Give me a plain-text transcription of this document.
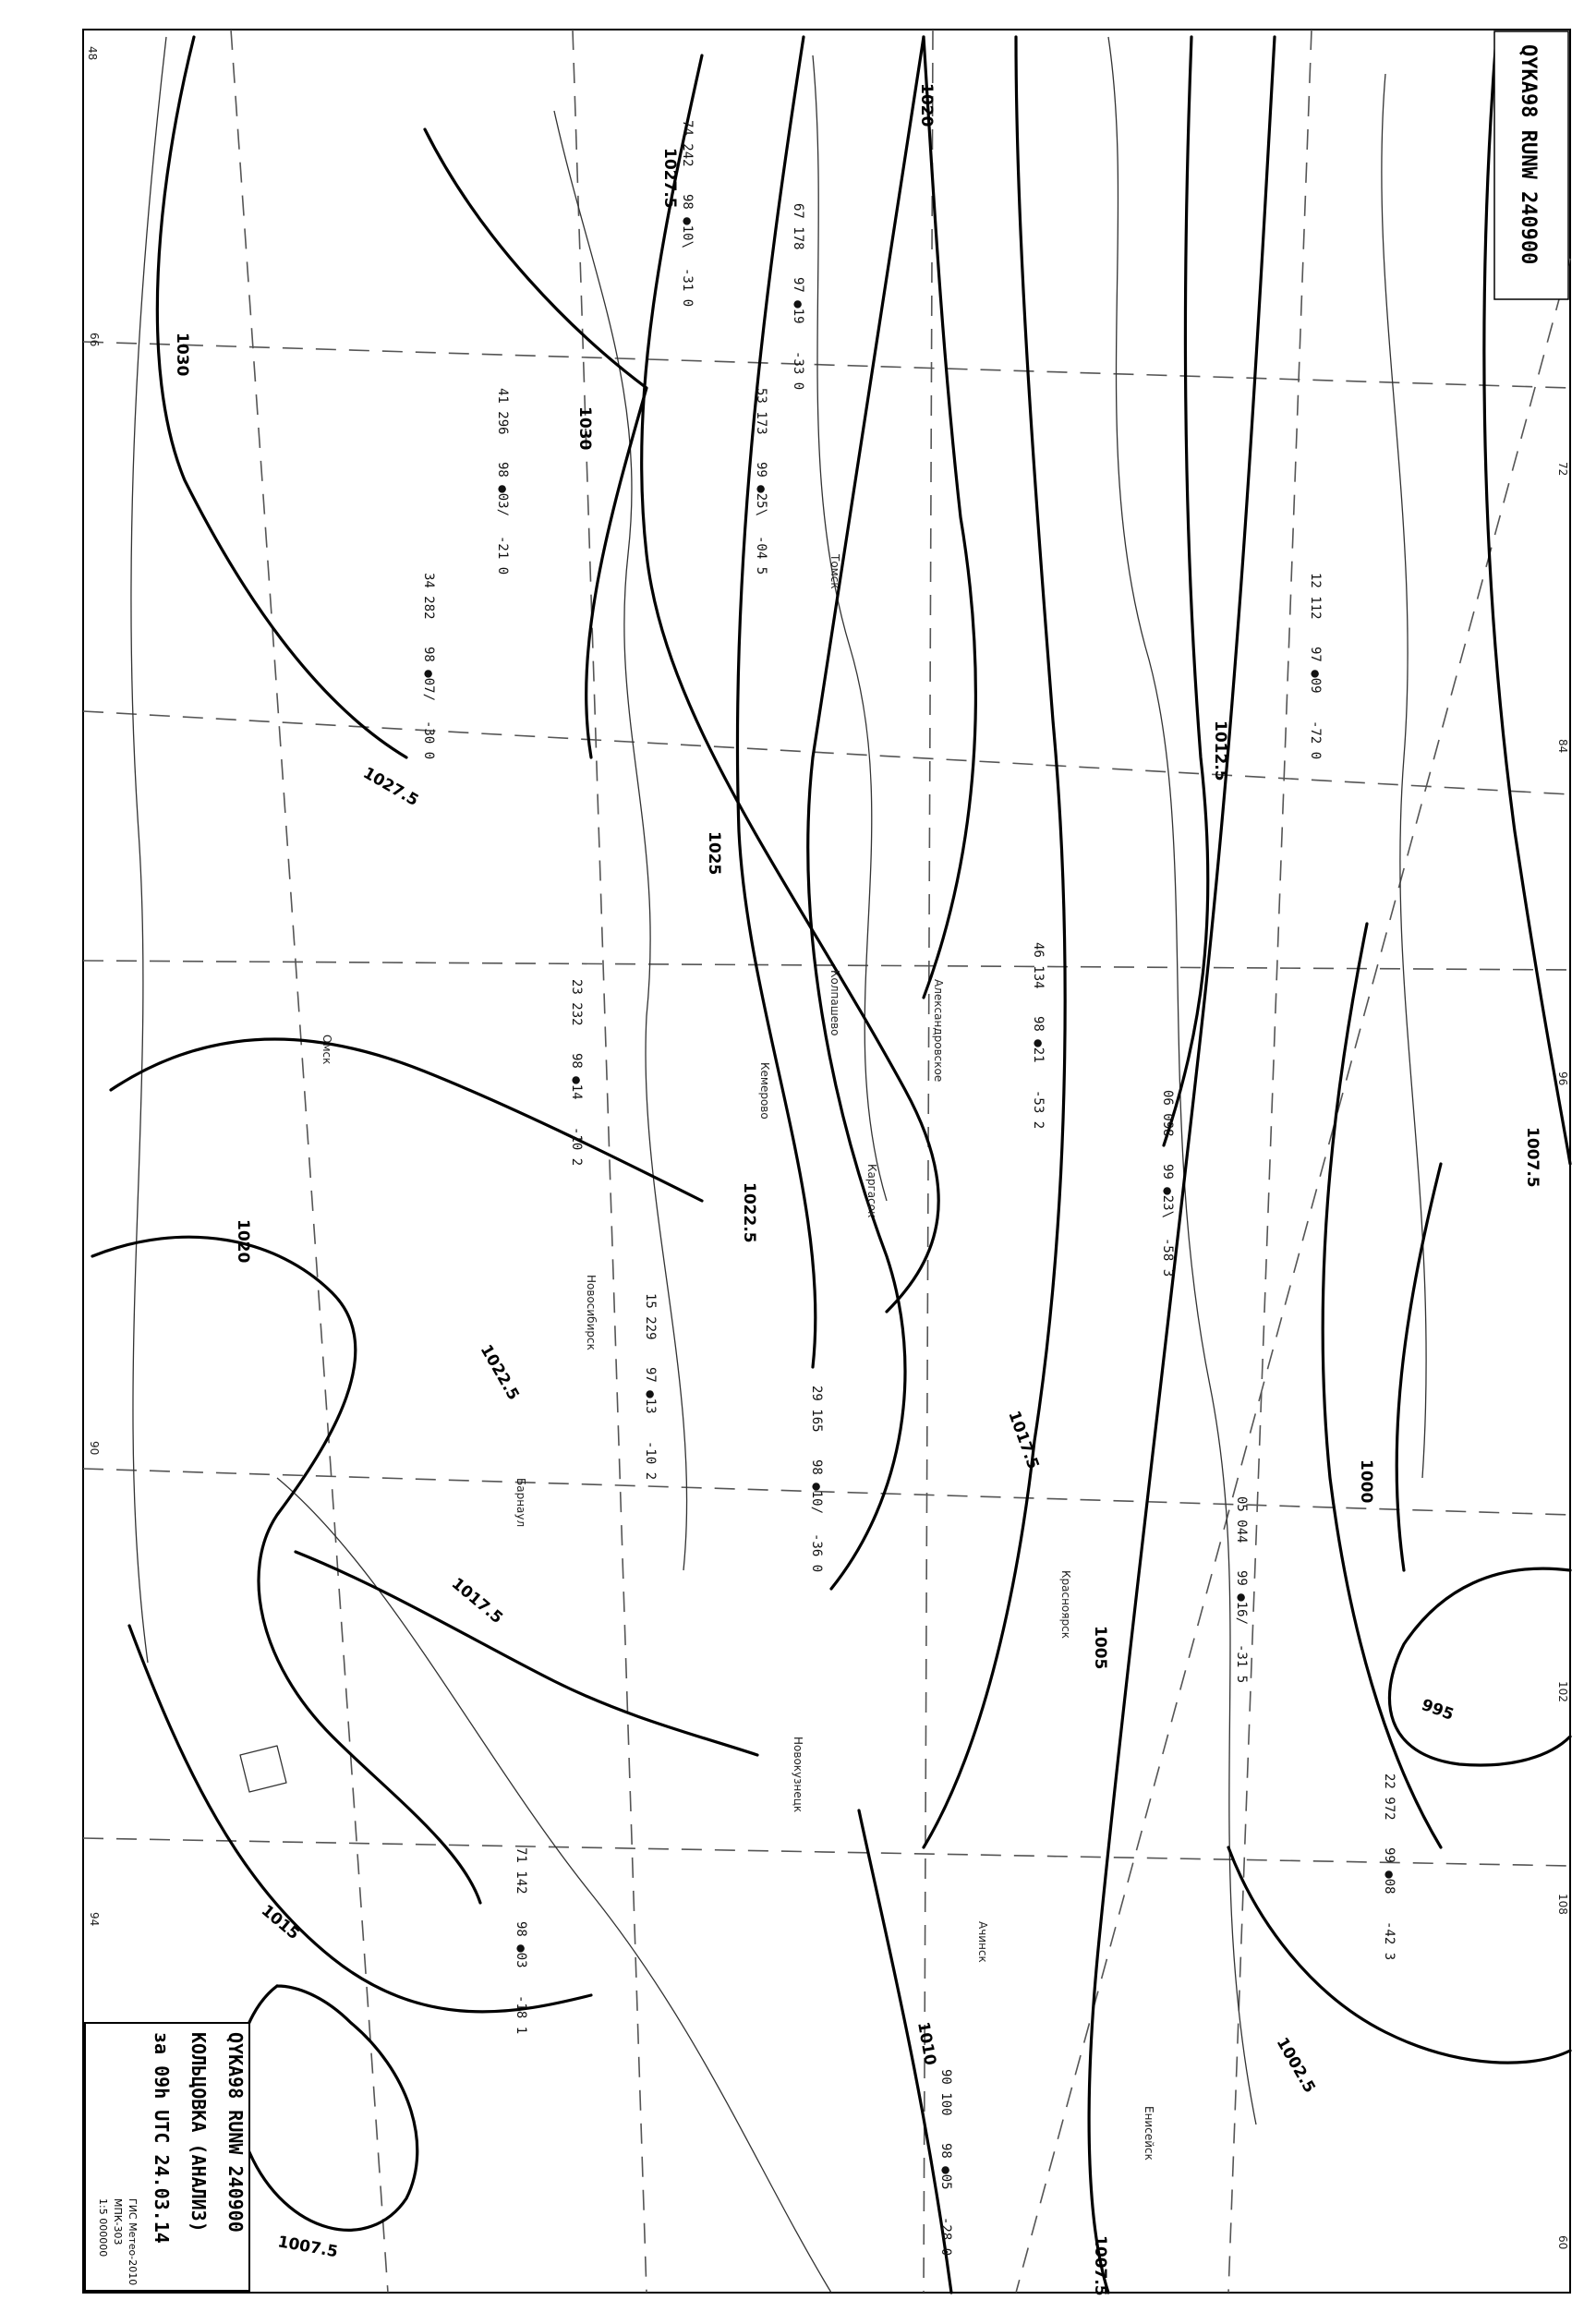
1030
1030
1027.5
1027.5
1025
1022.5
1022.5
1020
1020
1017.5
1017.5
1015
1012.5
1010
1007.5
1007.5
1007.5
1005
1002.5
1000
995
Новосибирск
Барнаул
Омск
Томск
Кемерово
Новокузнецк
Александровское
Каргасок
Колпашево
Енисейск
Красноярск
Ачинск
48
66
90
94
102
108
96
84
72
60
74 242
98 ●10\
-31 0
67 178
97 ●19
-33 0
53 173
99 ●25\
-04 5
41 296
98 ●03/
-21 0
34 282
98 ●07/
-30 0
23 232
98 ●14
-10 2
15 229
97 ●13
-10 2
29 165
98 ●10/
-36 0
06 098
99 ●23\
-58 3
46 134
98 ●21
-53 2
12 112
97 ●09
-72 0
05 044
99 ●16/
-31 5
22 972
99 ●08
-42 3
90 100
98 ●05
-28 0
71 142
98 ●03
-18 1
QYKA98 RUNW 240900
QYKA98 RUNW 240900
КОЛЬЦОВКА (АНАЛИЗ)
за 09h UTC 24.03.14
ГИС Метео-2010
MПК-303
1:5 000000
